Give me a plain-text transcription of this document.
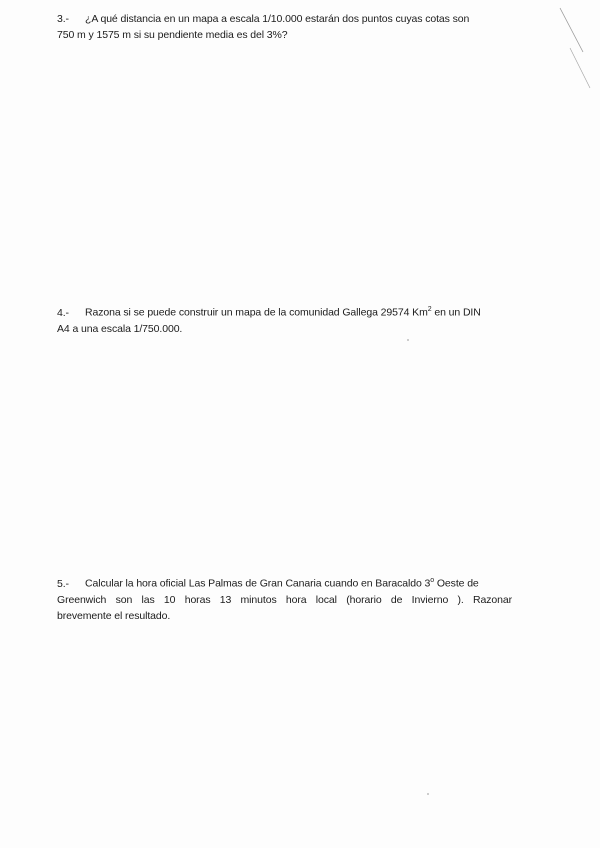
3.- ¿A qué distancia en un mapa a escala 1/10.000 estarán dos puntos cuyas cotas son
750 m y 1575 m si su pendiente media es del 3%?
4.- Razona si se puede construir un mapa de la comunidad Gallega 29574 Km$^2$ en un DIN
A4 a una escala 1/750.000.
5.- Calcular la hora oficial Las Palmas de Gran Canaria cuando en Baracaldo 3$^o$ Oeste de
Greenwich son las 10 horas 13 minutos hora local (horario de Invierno ). Razonar
brevemente el resultado.
